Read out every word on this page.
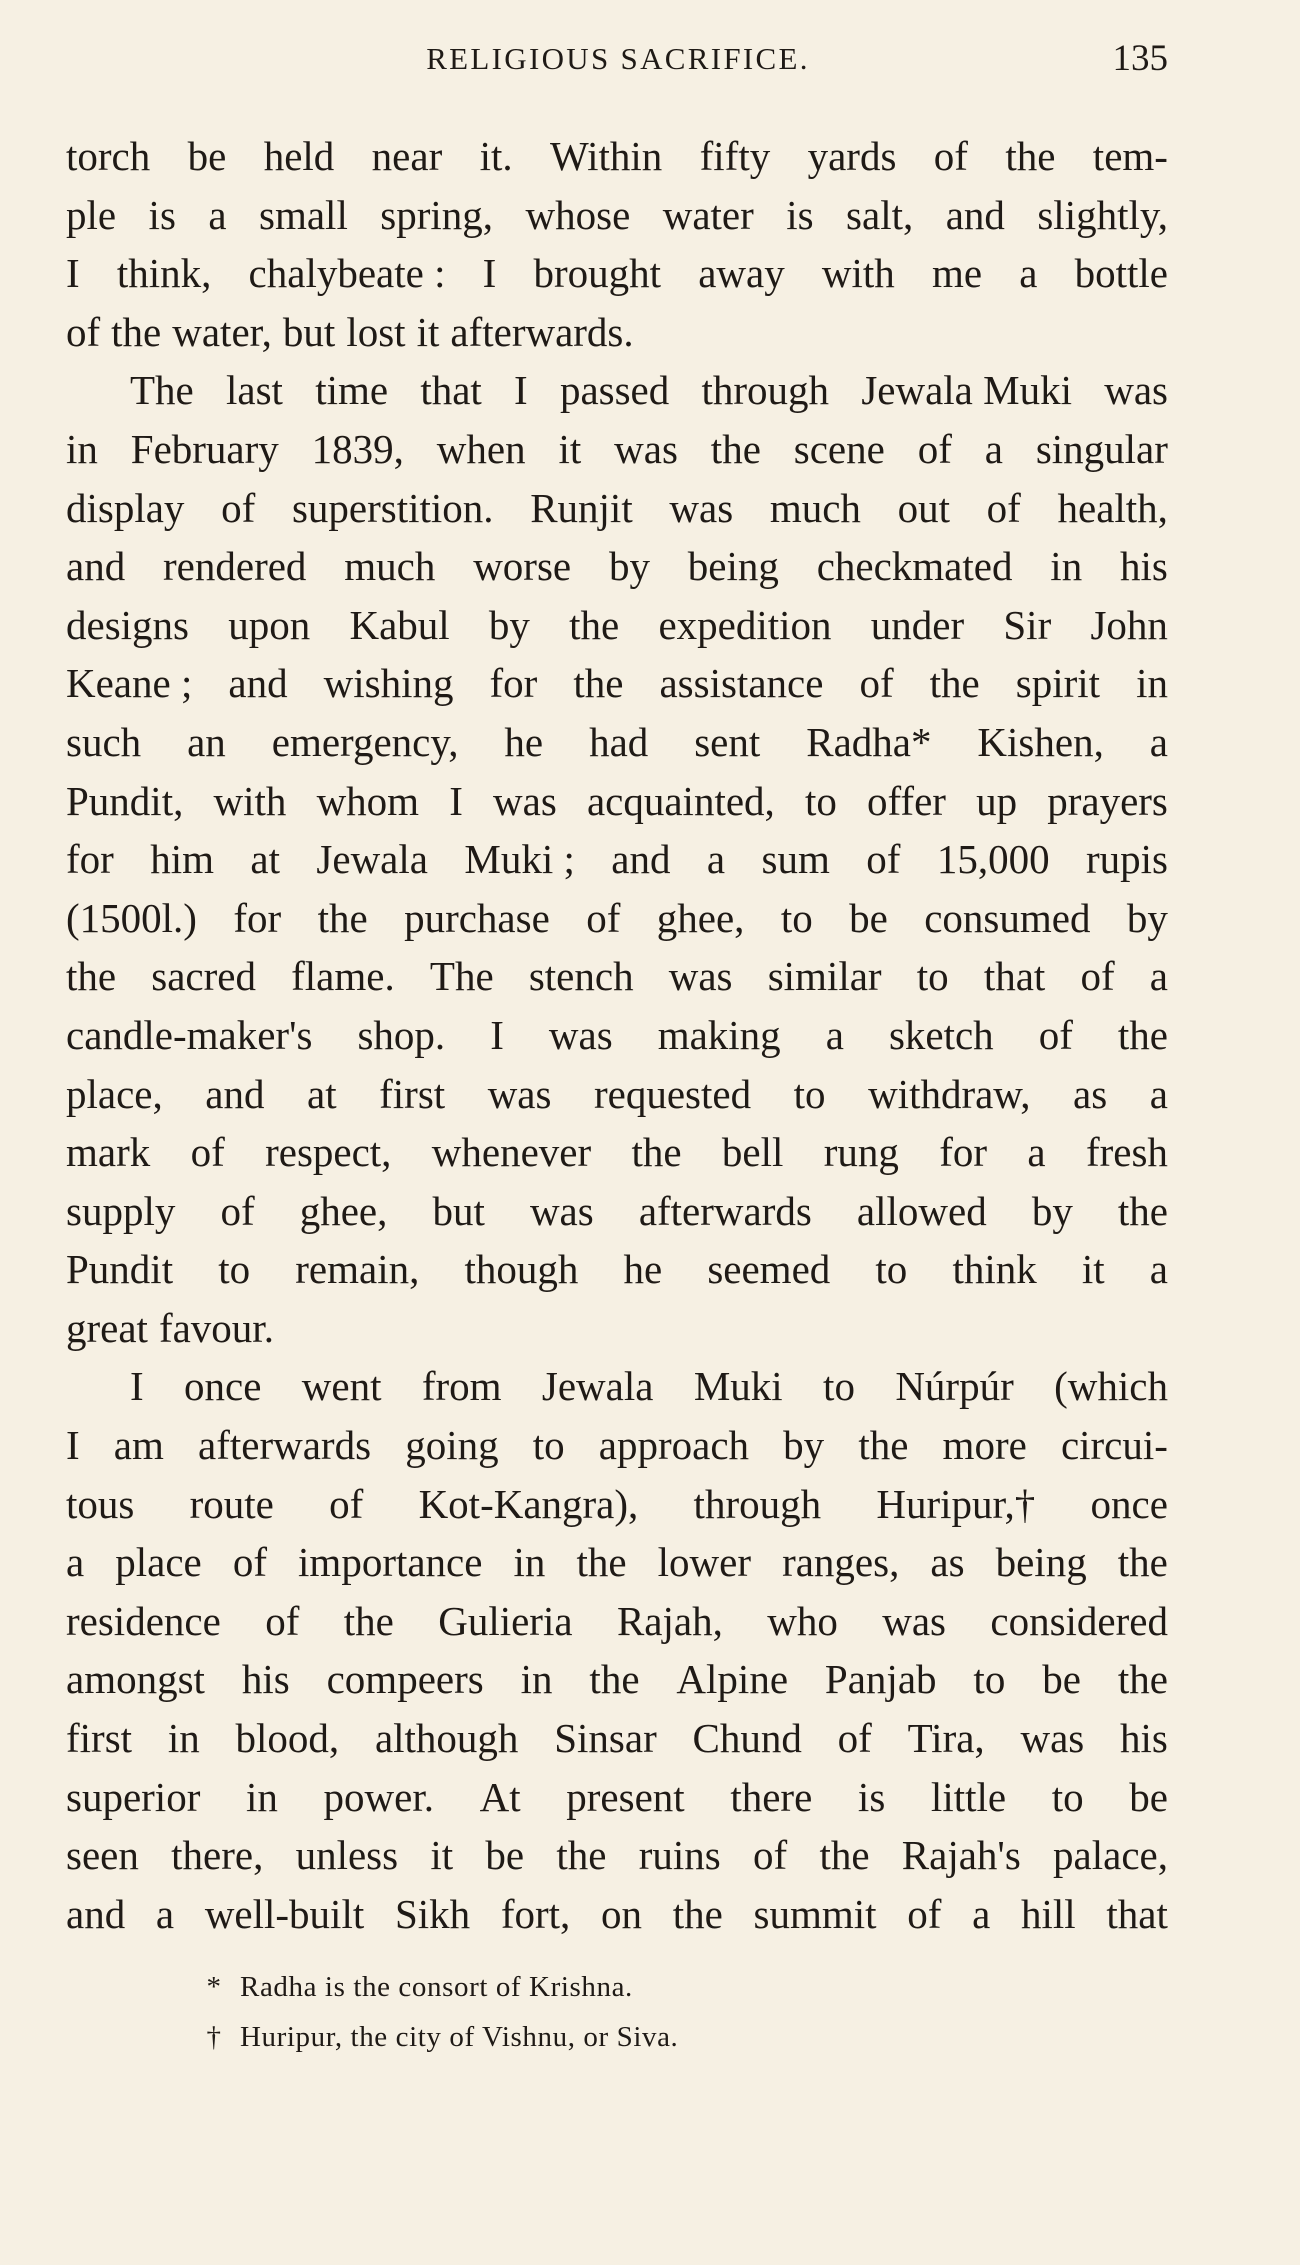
RELIGIOUS SACRIFICE.	135
torch be held near it. Within fifty yards of the tem-
ple is a small spring, whose water is salt, and slightly,
I think, chalybeate : I brought away with me a bottle
of the water, but lost it afterwards.
The last time that I passed through Jewala Muki was
in February 1839, when it was the scene of a singular
display of superstition. Runjit was much out of health,
and rendered much worse by being checkmated in his
designs upon Kabul by the expedition under Sir John
Keane ; and wishing for the assistance of the spirit in
such an emergency, he had sent Radha* Kishen, a
Pundit, with whom I was acquainted, to offer up prayers
for him at Jewala Muki ; and a sum of 15,000 rupis
(1500l.) for the purchase of ghee, to be consumed by
the sacred flame. The stench was similar to that of a
candle-maker's shop. I was making a sketch of the
place, and at first was requested to withdraw, as a
mark of respect, whenever the bell rung for a fresh
supply of ghee, but was afterwards allowed by the
Pundit to remain, though he seemed to think it a
great favour.
I once went from Jewala Muki to Núrpúr (which
I am afterwards going to approach by the more circui-
tous route of Kot-Kangra), through Huripur,† once
a place of importance in the lower ranges, as being the
residence of the Gulieria Rajah, who was considered
amongst his compeers in the Alpine Panjab to be the
first in blood, although Sinsar Chund of Tira, was his
superior in power. At present there is little to be
seen there, unless it be the ruins of the Rajah's palace,
and a well-built Sikh fort, on the summit of a hill that
* Radha is the consort of Krishna.
† Huripur, the city of Vishnu, or Siva.
